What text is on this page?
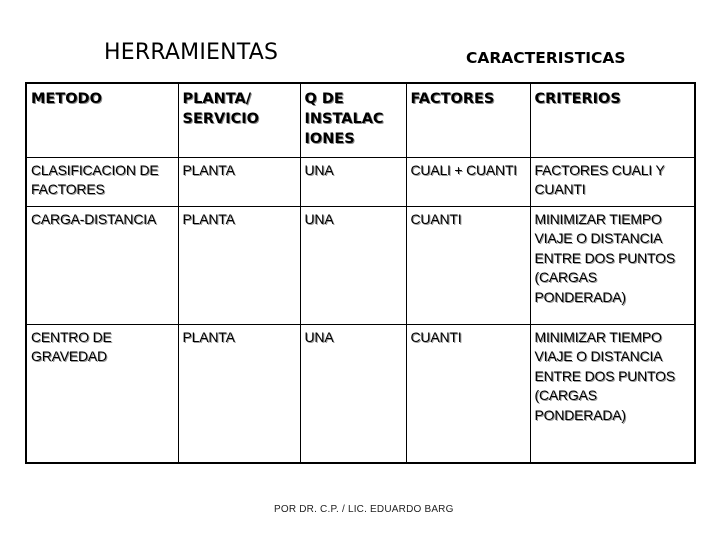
HERRAMIENTAS	CARACTERISTICAS
METODO	PLANTA/ SERVICIO	Q DE INSTALAC IONES	FACTORES	CRITERIOS
CLASIFICACION DE FACTORES	PLANTA	UNA	CUALI + CUANTI	FACTORES CUALI Y CUANTI
CARGA-DISTANCIA	PLANTA	UNA	CUANTI	MINIMIZAR TIEMPO VIAJE O DISTANCIA ENTRE DOS PUNTOS (CARGAS PONDERADA)
CENTRO DE GRAVEDAD	PLANTA	UNA	CUANTI	MINIMIZAR TIEMPO VIAJE O DISTANCIA ENTRE DOS PUNTOS (CARGAS PONDERADA)
POR DR. C.P. / LIC. EDUARDO BARG
